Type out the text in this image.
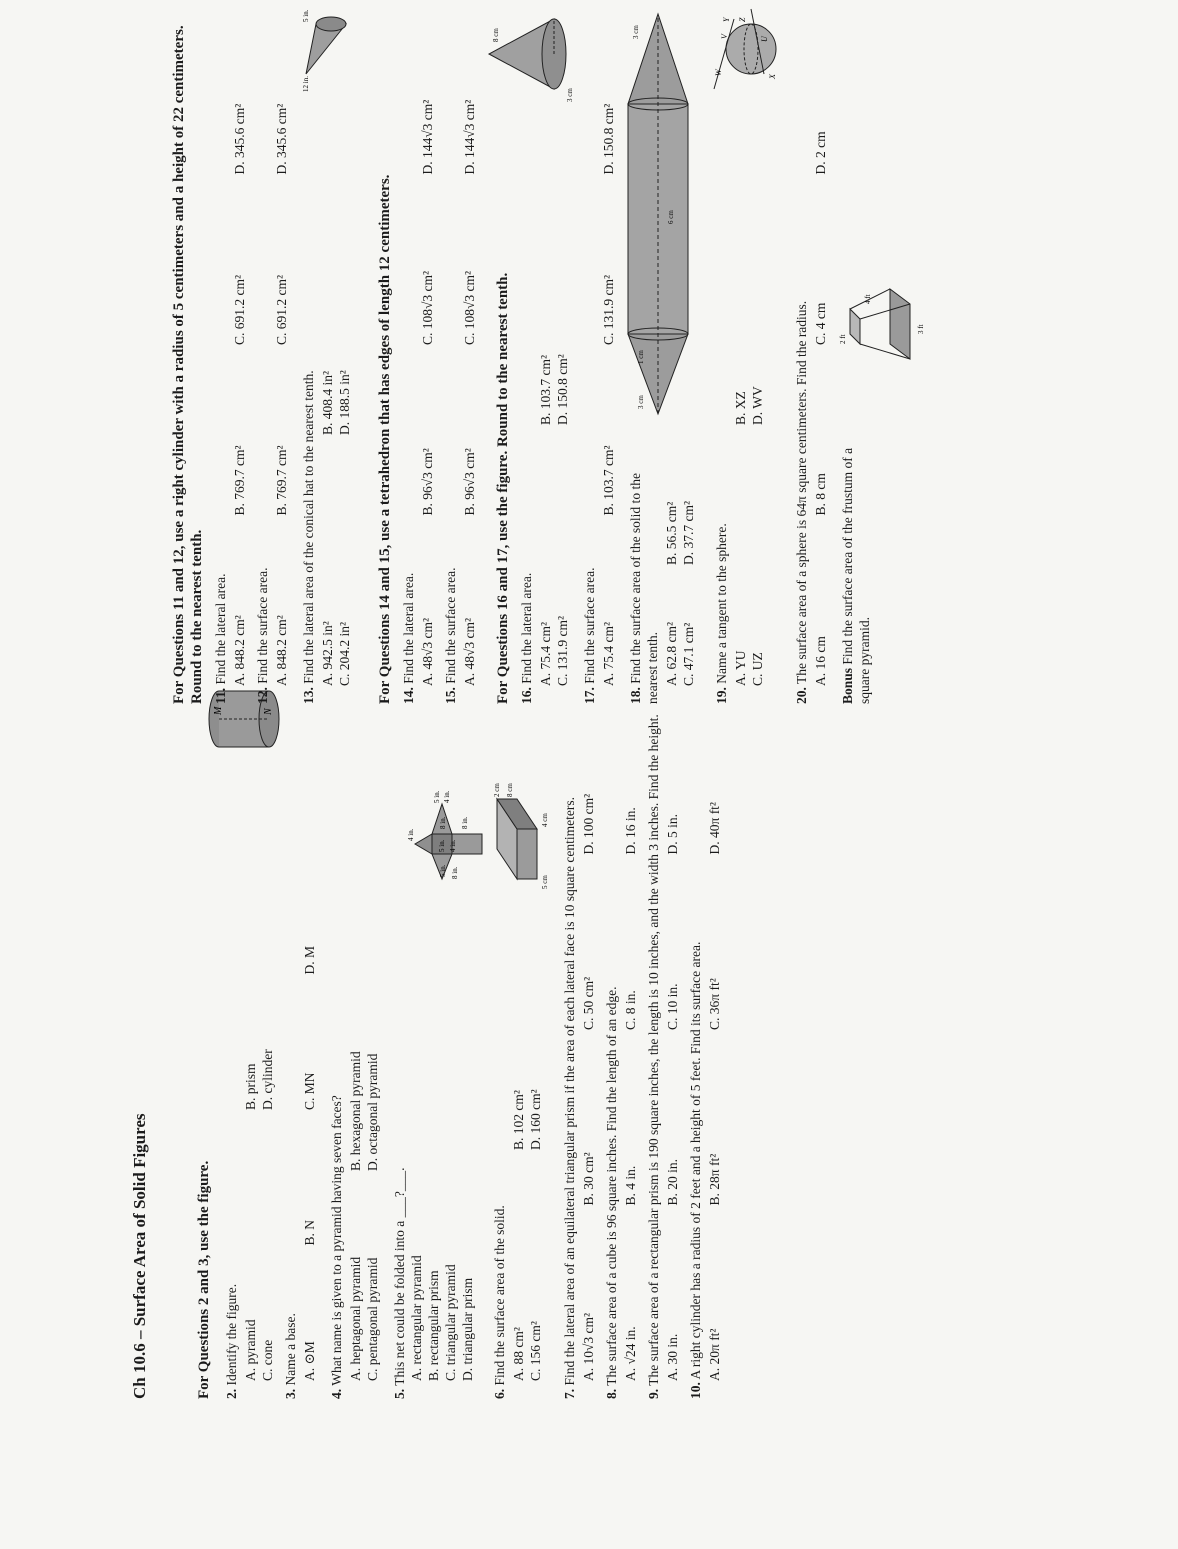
Ch 10.6 – Surface Area of Solid Figures	For Questions 2 and 3, use the figure. 2. Identify the figure. A. pyramid
B. prism
C. cone
D. cylinder
3. Name a base. A. ⊙M
B. N
C. MN
D. M
M	N
4. What name is given to a pyramid having seven faces? A. heptagonal pyramid
B. hexagonal pyramid
C. pentagonal pyramid
D. octagonal pyramid
5. This net could be folded into a ___?___. A. rectangular pyramid B. rectangular prism C. triangular pyramid D. triangular prism
5 in.
5 in. 4 in.
8 in. 8 in.
8 in.
5 in. 4 in.
4 in.
6. Find the surface area of the solid. A. 88 cm²
B. 102 cm²
C. 156 cm²
D. 160 cm²
2 cm 8 cm
4 cm
5 cm
7. Find the lateral area of an equilateral triangular prism if the area of each lateral face is 10 square centimeters. A. 10√3 cm²
B. 30 cm²
C. 50 cm²
D. 100 cm²
8. The surface area of a cube is 96 square inches. Find the length of an edge. A. √24 in.
B. 4 in.
C. 8 in.
D. 16 in.
9. The surface area of a rectangular prism is 190 square inches, the length is 10 inches, and the width 3 inches. Find the height. A. 30 in.
B. 20 in.
C. 10 in.
D. 5 in.
10. A right cylinder has a radius of 2 feet and a height of 5 feet. Find its surface area. A. 20π ft²
B. 28π ft²
C. 36π ft²
D. 40π ft²
For Questions 11 and 12, use a right cylinder with a radius of 5 centimeters and a height of 22 centimeters. Round to the nearest tenth. 11. Find the lateral area. A. 848.2 cm²
B. 769.7 cm²
C. 691.2 cm²
D. 345.6 cm²
12. Find the surface area. A. 848.2 cm²
B. 769.7 cm²
C. 691.2 cm²
D. 345.6 cm²
13. Find the lateral area of the conical hat to the nearest tenth. A. 942.5 in²
B. 408.4 in²
C. 204.2 in²
D. 188.5 in²
12 in.
5 in.
For Questions 14 and 15, use a tetrahedron that has edges of length 12 centimeters. 14. Find the lateral area. A. 48√3 cm²
B. 96√3 cm²
C. 108√3 cm²
D. 144√3 cm²
15. Find the surface area. A. 48√3 cm²
B. 96√3 cm²
C. 108√3 cm²
D. 144√3 cm²
For Questions 16 and 17, use the figure. Round to the nearest tenth. 16. Find the lateral area. A. 75.4 cm²
B. 103.7 cm²
C. 131.9 cm²
D. 150.8 cm²
8 cm
3 cm
17. Find the surface area. A. 75.4 cm²
B. 103.7 cm²
C. 131.9 cm²
D. 150.8 cm²
18. Find the surface area of the solid to the nearest tenth. A. 62.8 cm²
B. 56.5 cm²
C. 47.1 cm²
D. 37.7 cm²
3 cm
1 cm
6 cm
3 cm
19. Name a tangent to the sphere. A. YU
B. XZ
C. UZ
D. WV
W
V
Y Z
X
U
20. The surface area of a sphere is 64π square centimeters. Find the radius. A. 16 cm
B. 8 cm
C. 4 cm
D. 2 cm
Bonus Find the surface area of the frustum of a square pyramid.
2 ft
4 ft
3 ft
